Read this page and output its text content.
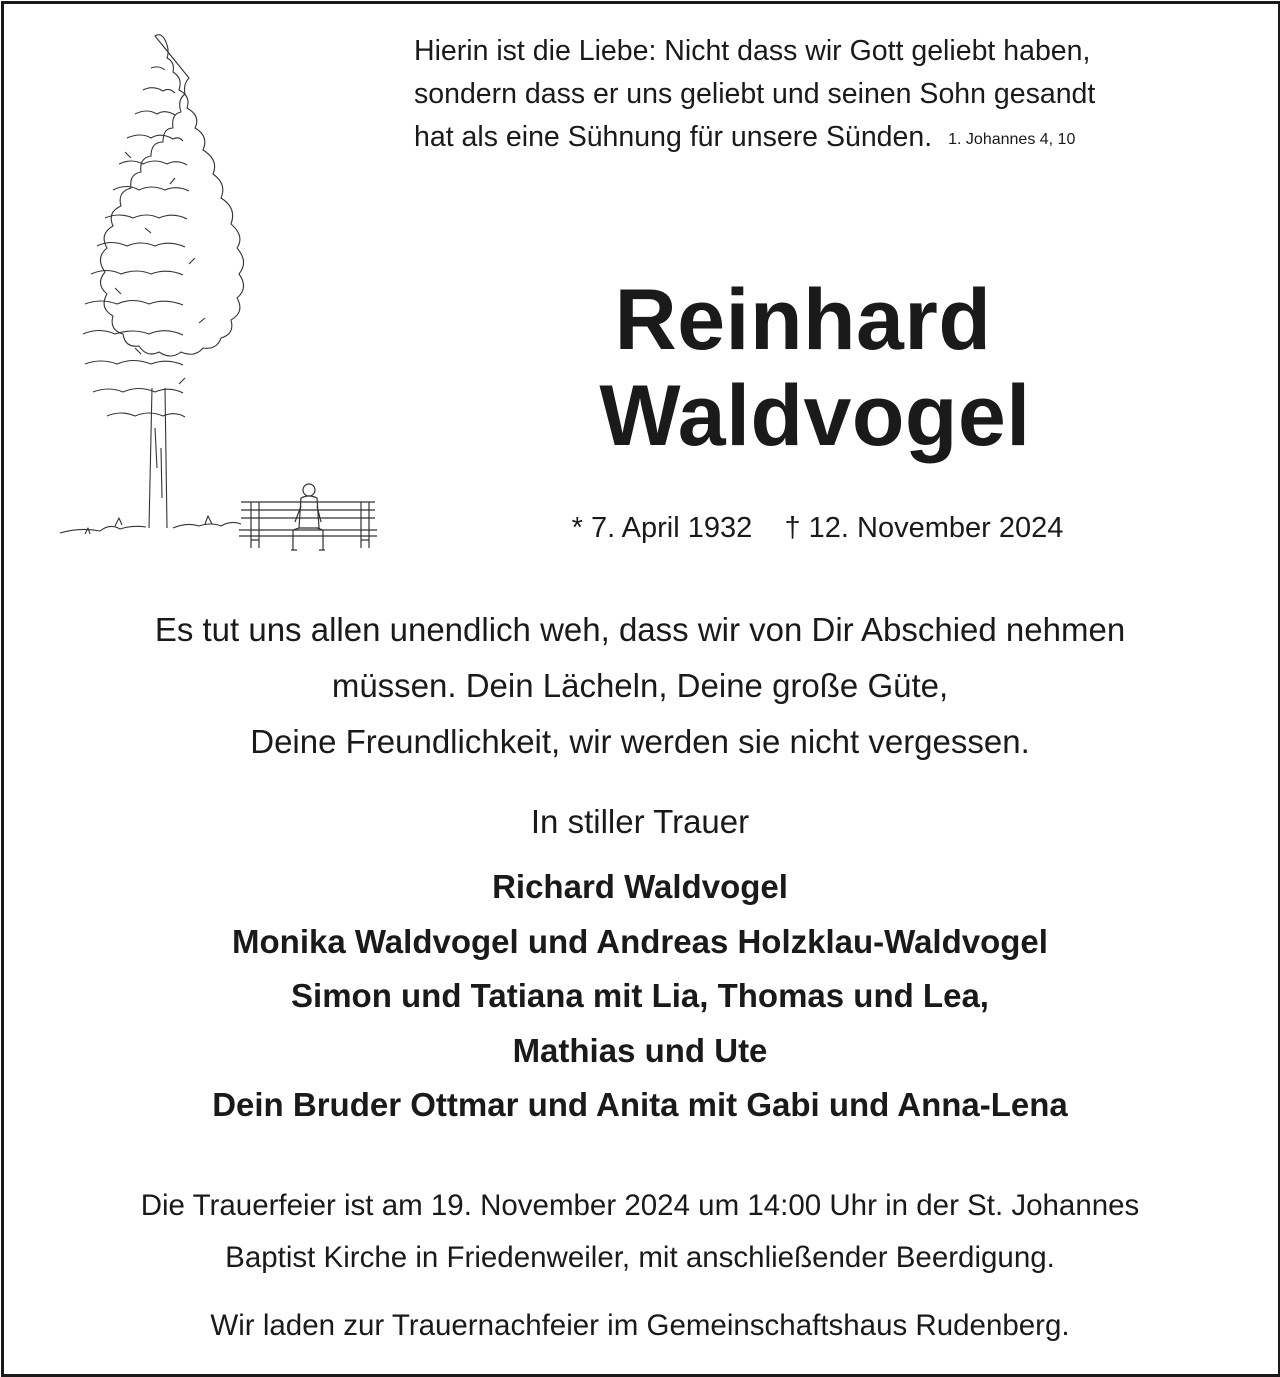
Hierin ist die Liebe: Nicht dass wir Gott geliebt haben,
sondern dass er uns geliebt und seinen Sohn gesandt
hat als eine Sühnung für unsere Sünden. 1. Johannes 4, 10
Reinhard
Waldvogel
* 7. April 1932 † 12. November 2024
Es tut uns allen unendlich weh, dass wir von Dir Abschied nehmen
müssen. Dein Lächeln, Deine große Güte,
Deine Freundlichkeit, wir werden sie nicht vergessen.
In stiller Trauer
Richard Waldvogel
Monika Waldvogel und Andreas Holzklau-Waldvogel
Simon und Tatiana mit Lia, Thomas und Lea,
Mathias und Ute
Dein Bruder Ottmar und Anita mit Gabi und Anna-Lena
Die Trauerfeier ist am 19. November 2024 um 14:00 Uhr in der St. Johannes
Baptist Kirche in Friedenweiler, mit anschließender Beerdigung.
Wir laden zur Trauernachfeier im Gemeinschaftshaus Rudenberg.
